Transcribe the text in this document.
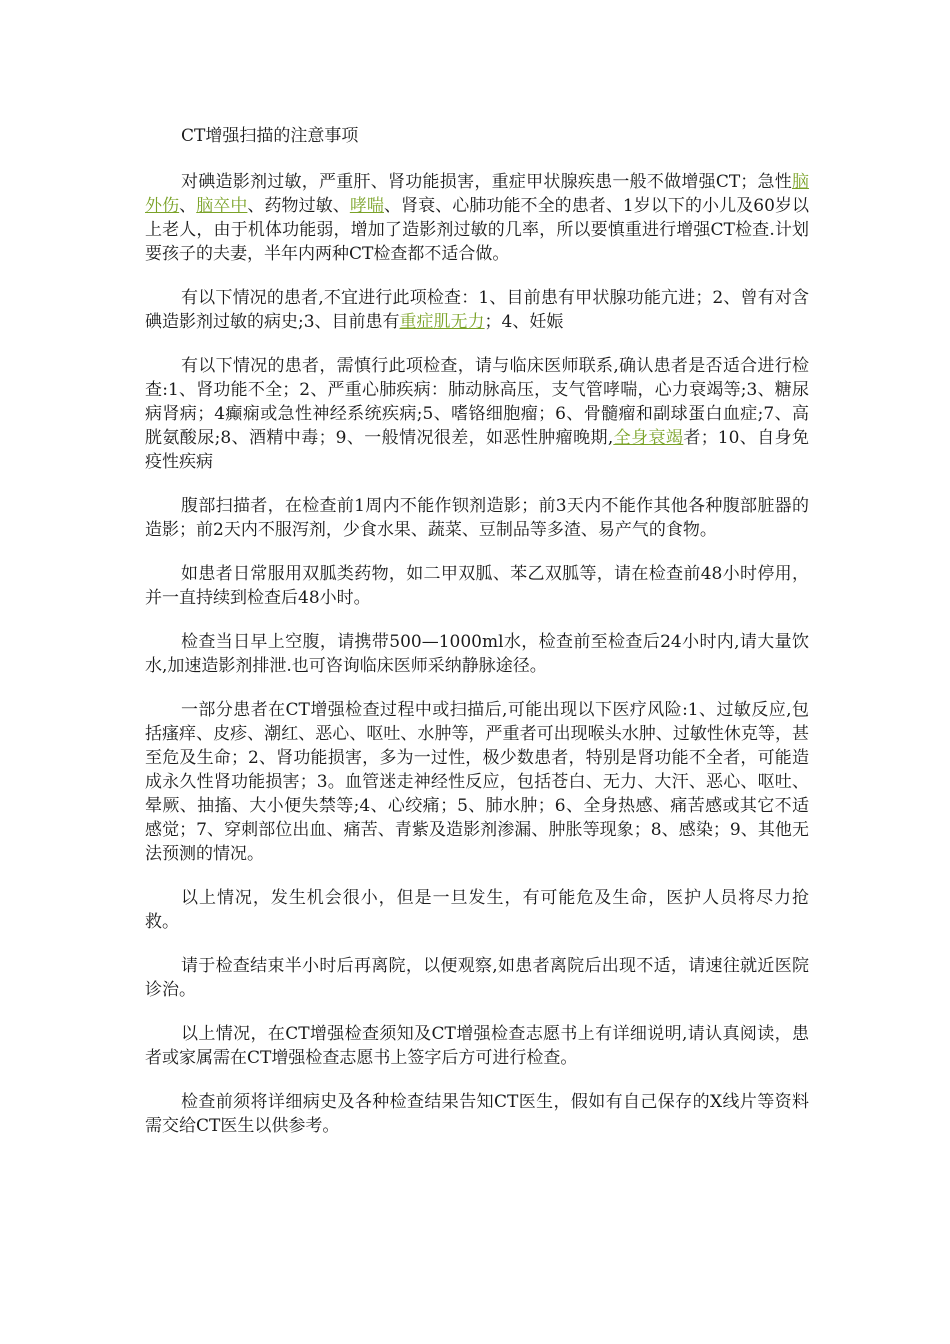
CT增强扫描的注意事项

对碘造影剂过敏，严重肝、肾功能损害，重症甲状腺疾患一般不做增强CT；急性脑外伤、脑卒中、药物过敏、哮喘、肾衰、心肺功能不全的患者、1岁以下的小儿及60岁以上老人，由于机体功能弱，增加了造影剂过敏的几率，所以要慎重进行增强CT检查.计划要孩子的夫妻，半年内两种CT检查都不适合做。

有以下情况的患者,不宜进行此项检查：1、目前患有甲状腺功能亢进；2、曾有对含碘造影剂过敏的病史;3、目前患有重症肌无力；4、妊娠

有以下情况的患者，需慎行此项检查，请与临床医师联系,确认患者是否适合进行检查:1、肾功能不全；2、严重心肺疾病：肺动脉高压，支气管哮喘，心力衰竭等;3、糖尿病肾病；4癫痫或急性神经系统疾病;5、嗜铬细胞瘤；6、骨髓瘤和副球蛋白血症;7、高胱氨酸尿;8、酒精中毒；9、一般情况很差，如恶性肿瘤晚期,全身衰竭者；10、自身免疫性疾病

腹部扫描者，在检查前1周内不能作钡剂造影；前3天内不能作其他各种腹部脏器的造影；前2天内不服泻剂，少食水果、蔬菜、豆制品等多渣、易产气的食物。

如患者日常服用双胍类药物，如二甲双胍、苯乙双胍等，请在检查前48小时停用，并一直持续到检查后48小时。

检查当日早上空腹，请携带500—1000ml水，检查前至检查后24小时内,请大量饮水,加速造影剂排泄.也可咨询临床医师采纳静脉途径。

一部分患者在CT增强检查过程中或扫描后,可能出现以下医疗风险:1、过敏反应,包括瘙痒、皮疹、潮红、恶心、呕吐、水肿等，严重者可出现喉头水肿、过敏性休克等，甚至危及生命；2、肾功能损害，多为一过性，极少数患者，特别是肾功能不全者，可能造成永久性肾功能损害；3。血管迷走神经性反应，包括苍白、无力、大汗、恶心、呕吐、晕厥、抽搐、大小便失禁等;4、心绞痛；5、肺水肿；6、全身热感、痛苦感或其它不适感觉；7、穿刺部位出血、痛苦、青紫及造影剂渗漏、肿胀等现象；8、感染；9、其他无法预测的情况。

以上情况，发生机会很小，但是一旦发生，有可能危及生命，医护人员将尽力抢救。

请于检查结束半小时后再离院，以便观察,如患者离院后出现不适，请速往就近医院诊治。

以上情况，在CT增强检查须知及CT增强检查志愿书上有详细说明,请认真阅读，患者或家属需在CT增强检查志愿书上签字后方可进行检查。

检查前须将详细病史及各种检查结果告知CT医生，假如有自己保存的X线片等资料需交给CT医生以供参考。
